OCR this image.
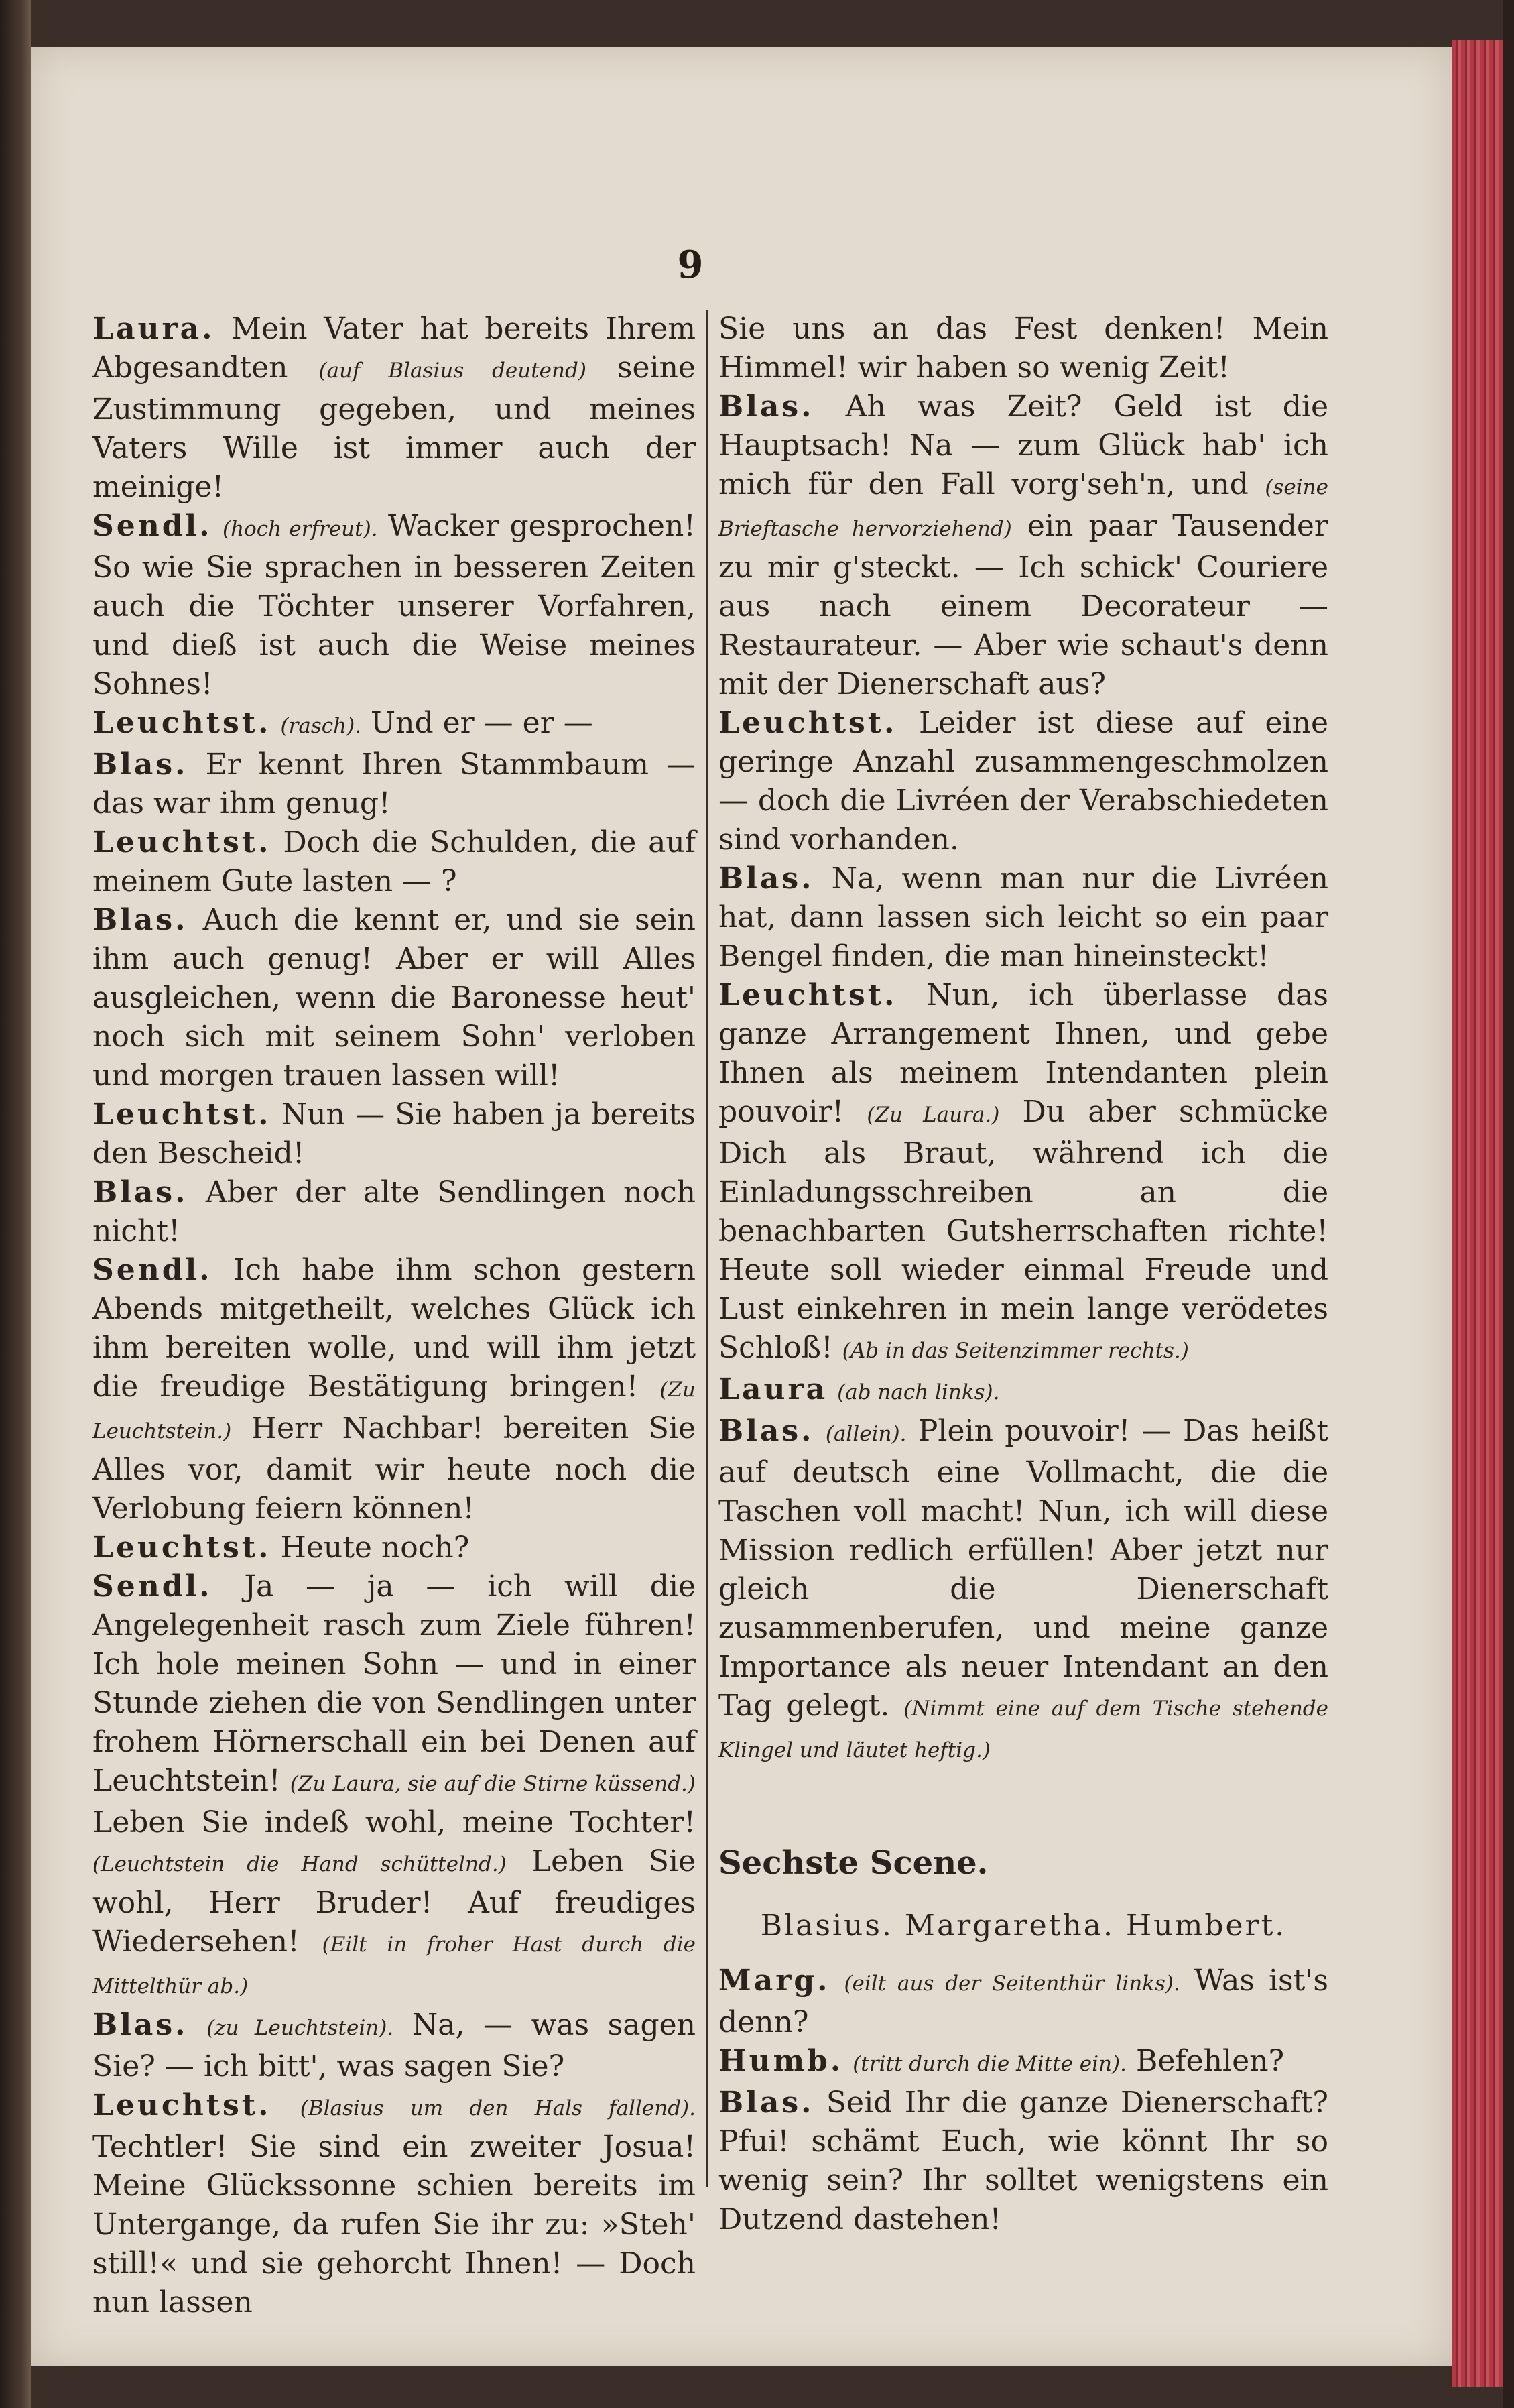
9

Laura. Mein Vater hat bereits Ihrem Abgesandten (auf Blasius deutend) seine Zustimmung gegeben, und meines Vaters Wille ist immer auch der meinige!

Sendl. (hoch erfreut). Wacker gesprochen! So wie Sie sprachen in besseren Zeiten auch die Töchter unserer Vorfahren, und dieß ist auch die Weise meines Sohnes!

Leuchtst. (rasch). Und er — er —

Blas. Er kennt Ihren Stammbaum — das war ihm genug!

Leuchtst. Doch die Schulden, die auf meinem Gute lasten — ?

Blas. Auch die kennt er, und sie sein ihm auch genug! Aber er will Alles ausgleichen, wenn die Baronesse heut' noch sich mit seinem Sohn' verloben und morgen trauen lassen will!

Leuchtst. Nun — Sie haben ja bereits den Bescheid!

Blas. Aber der alte Sendlingen noch nicht!

Sendl. Ich habe ihm schon gestern Abends mitgetheilt, welches Glück ich ihm bereiten wolle, und will ihm jetzt die freudige Bestätigung bringen! (Zu Leuchtstein.) Herr Nachbar! bereiten Sie Alles vor, damit wir heute noch die Verlobung feiern können!

Leuchtst. Heute noch?

Sendl. Ja — ja — ich will die Angelegenheit rasch zum Ziele führen! Ich hole meinen Sohn — und in einer Stunde ziehen die von Sendlingen unter frohem Hörnerschall ein bei Denen auf Leuchtstein! (Zu Laura, sie auf die Stirne küssend.) Leben Sie indeß wohl, meine Tochter! (Leuchtstein die Hand schüttelnd.) Leben Sie wohl, Herr Bruder! Auf freudiges Wiedersehen! (Eilt in froher Hast durch die Mittelthür ab.)

Blas. (zu Leuchtstein). Na, — was sagen Sie? — ich bitt', was sagen Sie?

Leuchtst. (Blasius um den Hals fallend). Techtler! Sie sind ein zweiter Josua! Meine Glückssonne schien bereits im Untergange, da rufen Sie ihr zu: »Steh' still!« und sie gehorcht Ihnen! — Doch nun lassen

Sie uns an das Fest denken! Mein Himmel! wir haben so wenig Zeit!

Blas. Ah was Zeit? Geld ist die Hauptsach! Na — zum Glück hab' ich mich für den Fall vorg'seh'n, und (seine Brieftasche hervorziehend) ein paar Tausender zu mir g'steckt. — Ich schick' Couriere aus nach einem Decorateur — Restaurateur. — Aber wie schaut's denn mit der Dienerschaft aus?

Leuchtst. Leider ist diese auf eine geringe Anzahl zusammengeschmolzen — doch die Livréen der Verabschiedeten sind vorhanden.

Blas. Na, wenn man nur die Livréen hat, dann lassen sich leicht so ein paar Bengel finden, die man hineinsteckt!

Leuchtst. Nun, ich überlasse das ganze Arrangement Ihnen, und gebe Ihnen als meinem Intendanten plein pouvoir! (Zu Laura.) Du aber schmücke Dich als Braut, während ich die Einladungsschreiben an die benachbarten Gutsherrschaften richte! Heute soll wieder einmal Freude und Lust einkehren in mein lange verödetes Schloß! (Ab in das Seitenzimmer rechts.)

Laura (ab nach links).

Blas. (allein). Plein pouvoir! — Das heißt auf deutsch eine Vollmacht, die die Taschen voll macht! Nun, ich will diese Mission redlich erfüllen! Aber jetzt nur gleich die Dienerschaft zusammenberufen, und meine ganze Importance als neuer Intendant an den Tag gelegt. (Nimmt eine auf dem Tische stehende Klingel und läutet heftig.)

Sechste Scene.

Blasius. Margaretha. Humbert.

Marg. (eilt aus der Seitenthür links). Was ist's denn?

Humb. (tritt durch die Mitte ein). Befehlen?

Blas. Seid Ihr die ganze Dienerschaft? Pfui! schämt Euch, wie könnt Ihr so wenig sein? Ihr solltet wenigstens ein Dutzend dastehen!
